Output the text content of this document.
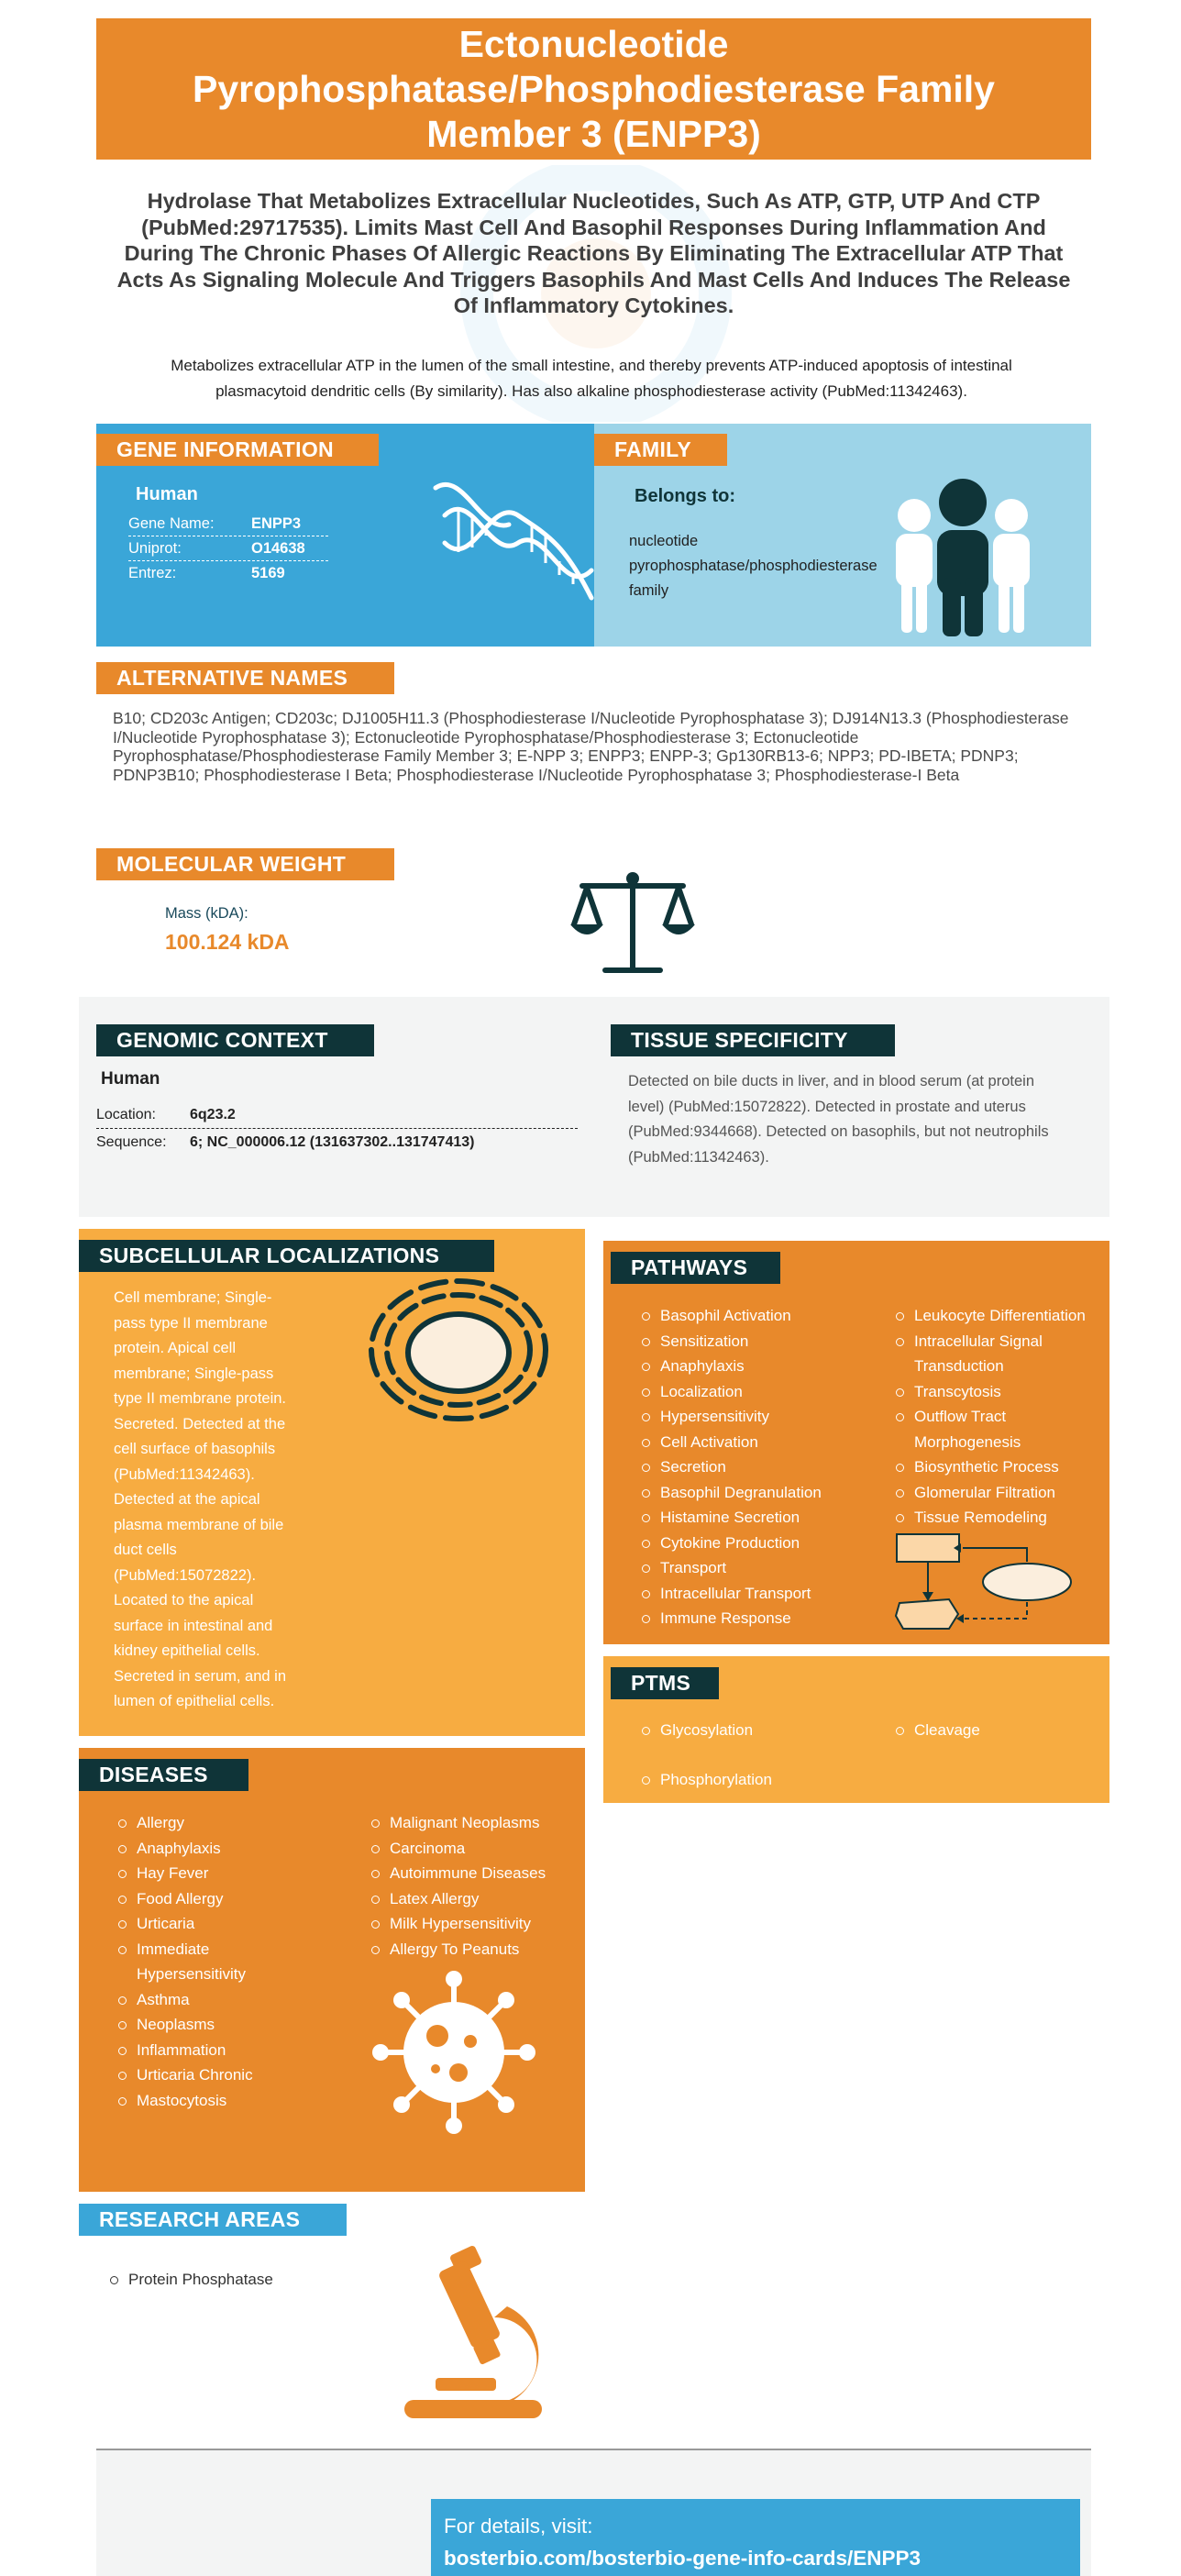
Ectonucleotide Pyrophosphatase/Phosphodiesterase Family Member 3 (ENPP3)
Hydrolase That Metabolizes Extracellular Nucleotides, Such As ATP, GTP, UTP And CTP (PubMed:29717535). Limits Mast Cell And Basophil Responses During Inflammation And During The Chronic Phases Of Allergic Reactions By Eliminating The Extracellular ATP That Acts As Signaling Molecule And Triggers Basophils And Mast Cells And Induces The Release Of Inflammatory Cytokines.
Metabolizes extracellular ATP in the lumen of the small intestine, and thereby prevents ATP-induced apoptosis of intestinal plasmacytoid dendritic cells (By similarity). Has also alkaline phosphodiesterase activity (PubMed:11342463).
GENE INFORMATION
Human
Gene Name:	ENPP3
Uniprot:	O14638
Entrez:	5169
FAMILY
Belongs to:
nucleotide pyrophosphatase/phosphodiesterase family
ALTERNATIVE NAMES
B10; CD203c Antigen; CD203c; DJ1005H11.3 (Phosphodiesterase I/Nucleotide Pyrophosphatase 3); DJ914N13.3 (Phosphodiesterase I/Nucleotide Pyrophosphatase 3); Ectonucleotide Pyrophosphatase/Phosphodiesterase 3; Ectonucleotide Pyrophosphatase/Phosphodiesterase Family Member 3; E-NPP 3; ENPP3; ENPP-3; Gp130RB13-6; NPP3; PD-IBETA; PDNP3; PDNP3B10; Phosphodiesterase I Beta; Phosphodiesterase I/Nucleotide Pyrophosphatase 3; Phosphodiesterase-I Beta
MOLECULAR WEIGHT
Mass (kDA):
100.124 kDA
GENOMIC CONTEXT
Human
Location:	6q23.2
Sequence:	6; NC_000006.12 (131637302..131747413)
TISSUE SPECIFICITY
Detected on bile ducts in liver, and in blood serum (at protein level) (PubMed:15072822). Detected in prostate and uterus (PubMed:9344668). Detected on basophils, but not neutrophils (PubMed:11342463).
SUBCELLULAR LOCALIZATIONS
Cell membrane; Single-pass type II membrane protein. Apical cell membrane; Single-pass type II membrane protein. Secreted. Detected at the cell surface of basophils (PubMed:11342463). Detected at the apical plasma membrane of bile duct cells (PubMed:15072822). Located to the apical surface in intestinal and kidney epithelial cells. Secreted in serum, and in lumen of epithelial cells.
PATHWAYS
Basophil Activation
Sensitization
Anaphylaxis
Localization
Hypersensitivity
Cell Activation
Secretion
Basophil Degranulation
Histamine Secretion
Cytokine Production
Transport
Intracellular Transport
Immune Response
Leukocyte Differentiation
Intracellular Signal Transduction
Transcytosis
Outflow Tract Morphogenesis
Biosynthetic Process
Glomerular Filtration
Tissue Remodeling
PTMS
Glycosylation
Phosphorylation
Cleavage
DISEASES
Allergy
Anaphylaxis
Hay Fever
Food Allergy
Urticaria
Immediate Hypersensitivity
Asthma
Neoplasms
Inflammation
Urticaria Chronic
Mastocytosis
Malignant Neoplasms
Carcinoma
Autoimmune Diseases
Latex Allergy
Milk Hypersensitivity
Allergy To Peanuts
RESEARCH AREAS
Protein Phosphatase
For details, visit:
bosterbio.com/bosterbio-gene-info-cards/ENPP3
